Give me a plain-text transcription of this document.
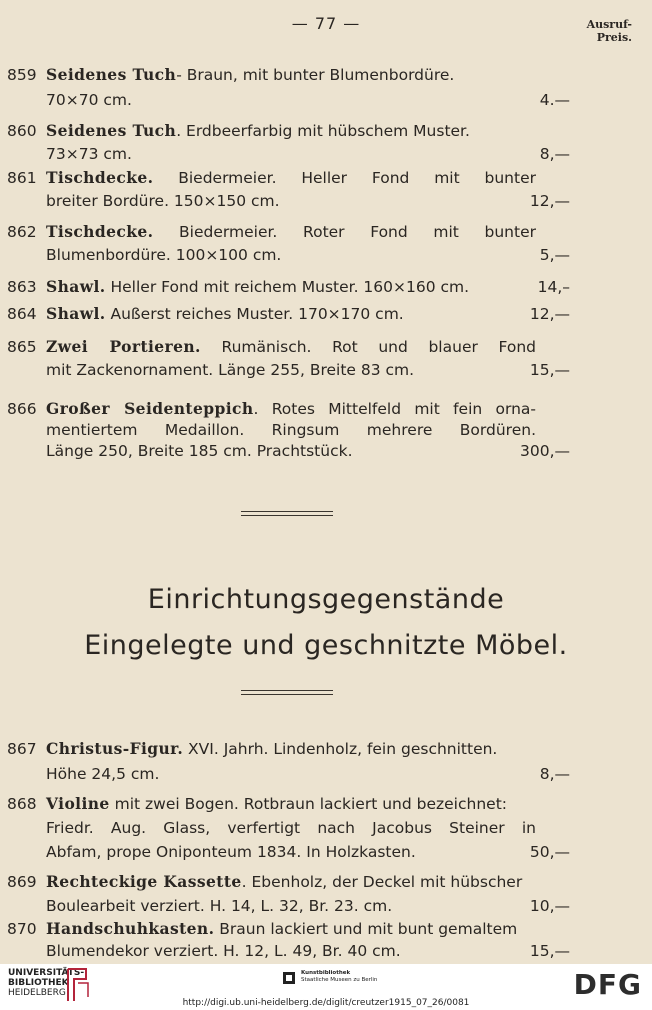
— 77 —	Ausruf-
Preis.
859 Seidenes Tuch- Braun, mit bunter Blumenbordüre.
70×70 cm.	4.—
860 Seidenes Tuch. Erdbeerfarbig mit hübschem Muster.
73×73 cm.	8,—
861 Tischdecke. Biedermeier. Heller Fond mit bunter
breiter Bordüre. 150×150 cm.	12,—
862 Tischdecke. Biedermeier. Roter Fond mit bunter
Blumenbordüre. 100×100 cm.	5,—
863 Shawl. Heller Fond mit reichem Muster. 160×160 cm.	14,–
864 Shawl. Außerst reiches Muster. 170×170 cm.	12,—
865 Zwei Portieren. Rumänisch. Rot und blauer Fond
mit Zackenornament. Länge 255, Breite 83 cm.	15,—
866 Großer Seidenteppich. Rotes Mittelfeld mit fein orna-
mentiertem Medaillon. Ringsum mehrere Bordüren.
Länge 250, Breite 185 cm. Prachtstück.	300,—
Einrichtungsgegenstände
Eingelegte und geschnitzte Möbel.
867 Christus-Figur. XVI. Jahrh. Lindenholz, fein geschnitten.
Höhe 24,5 cm.	8,—
868 Violine mit zwei Bogen. Rotbraun lackiert und bezeichnet:
Friedr. Aug. Glass, verfertigt nach Jacobus Steiner in
Abfam, prope Oniponteum 1834. In Holzkasten.	50,—
869 Rechteckige Kassette. Ebenholz, der Deckel mit hübscher
Boulearbeit verziert. H. 14, L. 32, Br. 23. cm.	10,—
870 Handschuhkasten. Braun lackiert und mit bunt gemaltem
Blumendekor verziert. H. 12, L. 49, Br. 40 cm.	15,—
UNIVERSITÄTS-
BIBLIOTHEK
HEIDELBERG
Kunstbibliothek
Staatliche Museen zu Berlin	DFG
http://digi.ub.uni-heidelberg.de/diglit/creutzer1915_07_26/0081
